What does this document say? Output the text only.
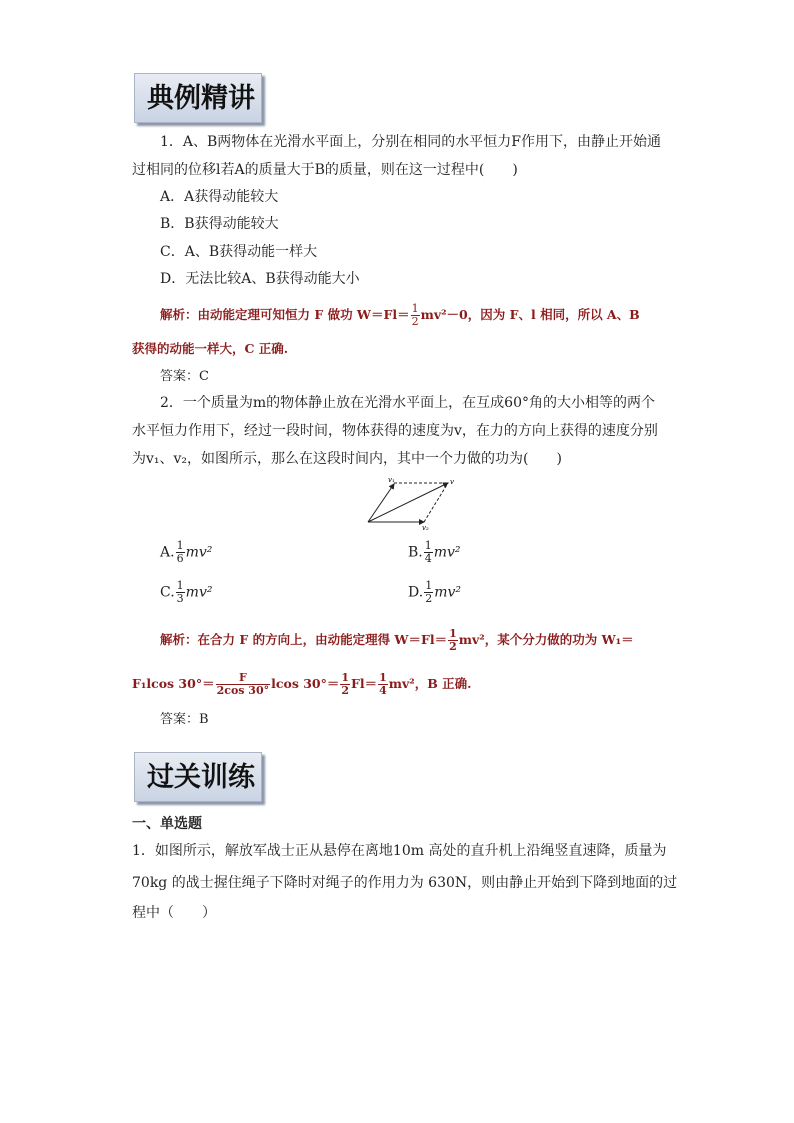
典例精讲
1．A、B两物体在光滑水平面上，分别在相同的水平恒力F作用下，由静止开始通
过相同的位移l若A的质量大于B的质量，则在这一过程中(　　)
A．A获得动能较大
B．B获得动能较大
C．A、B获得动能一样大
D．无法比较A、B获得动能大小
解析：由动能定理可知恒力 F 做功 $W=Fl= \frac{1}{2} mv^2-0$，因为 F、l 相同，所以 A、B
获得的动能一样大，C 正确.
答案：C
2．一个质量为m的物体静止放在光滑水平面上，在互成60°角的大小相等的两个
水平恒力作用下，经过一段时间，物体获得的速度为v，在力的方向上获得的速度分别
为v₁、v₂，如图所示，那么在这段时间内，其中一个力做的功为(　　)
v₁	v
v₂
A. $\frac{1}{6} mv^2$	B. $\frac{1}{4} mv^2$
C. $\frac{1}{3} mv^2$	D. $\frac{1}{2} mv^2$
解析：在合力 F 的方向上，由动能定理得 $W=Fl= \frac{1}{2} mv^2$，某个分力做的功为 W₁＝
F₁lcos $30^\circ= \frac{F}{2\cos 30^\circ}$ lcos $30^\circ= \frac{1}{2} Fl= \frac{1}{4} mv^2$，B 正确.
答案：B
过关训练
一、单选题
1．如图所示，解放军战士正从悬停在离地10m 高处的直升机上沿绳竖直速降，质量为
70kg 的战士握住绳子下降时对绳子的作用力为 630N，则由静止开始到下降到地面的过
程中（　　）
